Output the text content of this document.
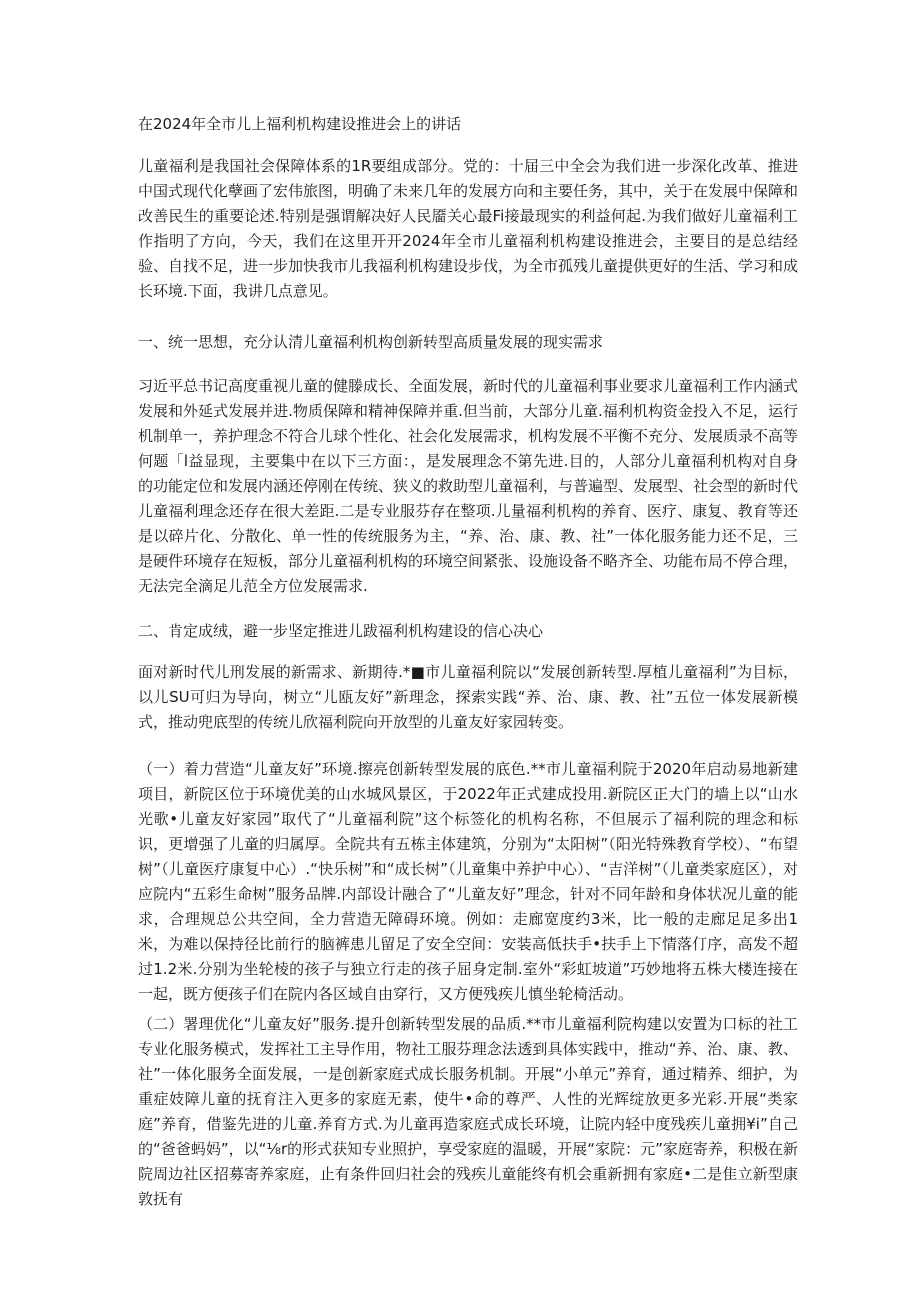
在2024年全市儿上福利机构建设推进会上的讲话

儿童福利是我国社会保障体系的1R要组成部分。党的：十届三中全会为我们进一步深化改革、推进中国式现代化孽画了宏伟旅图，明确了未来几年的发展方向和主要任务，其中，关于在发展中保障和改善民生的重要论述.特别是强谓解决好人民靥关心最Fi接最现实的利益何起.为我们做好儿童福利工作指明了方向，今天，我们在这里开开2024年全市儿童福利机构建设推进会，主要目的是总结经验、自找不足，进一步加快我市儿我福利机构建设步伐，为全市孤残儿童提供更好的生活、学习和成长环境.下面，我讲几点意见。

一、统一思想，充分认清儿童福利机构创新转型高质量发展的现实需求

习近平总书记高度重视儿童的健滕成长、全面发展，新时代的儿童福利事业要求儿童福利工作内涵式发展和外延式发展并进.物质保障和精神保障并重.但当前，大部分儿童.福利机构资金投入不足，运行机制单一，养护理念不符合儿球个性化、社会化发展需求，机构发展不平衡不充分、发展质录不高等何题「l益显现，主要集中在以下三方面：，是发展理念不第先进.目的，人部分儿童福利机构对自身的功能定位和发展内涵还停刚在传统、狭义的救助型儿童福利，与普遍型、发展型、社会型的新时代儿童福利理念还存在很大差距.二是专业服芬存在整项.儿量福利机构的养育、医疗、康复、教育等还是以碎片化、分散化、单一性的传统服务为主，“养、治、康、教、社”一体化服务能力还不足，三是硬件环境存在短板，部分儿童福利机构的环境空间紧张、设施设备不略齐全、功能布局不停合理，无法完全滴足儿范全方位发展需求.

二、肯定成绒，避一步坚定推进儿跋福利机构建设的信心决心

面对新时代儿刑发展的新需求、新期待.*■市儿童福利院以“发展创新转型.厚植儿童福利”为目标，以儿SU可归为导向，树立“儿瓯友好”新理念，探索实践“养、治、康、教、社”五位一体发展新模式，推动兜底型的传统儿欣福利院向开放型的儿童友好家园转变。

（一）着力营造“儿童友好”环境.擦亮创新转型发展的底色.**市儿童福利院于2020年启动易地新建项目，新院区位于环境优美的山水城风景区，于2022年正式建成投用.新院区正大门的墙上以“山水光歌•儿童友好家园”取代了“儿童福利院”这个标签化的机构名称，不但展示了福利院的理念和标识，更增强了儿童的归属厚。全院共有五栋主体建筑，分别为“太阳树”（阳光特殊教育学校）、“布望树”（儿童医疗康复中心）.“快乐树”和“成长树”（儿童集中养护中心）、“吉洋树”（儿童类家庭区），对应院内“五彩生命树”服务品牌.内部设计融合了“儿童友好”理念，针对不同年龄和身体状况儿童的能求，合理规总公共空间，全力营造无障碍环境。例如：走廊宽度约3米，比一般的走廊足足多出1米，为难以保持径比前行的脑裤患儿留足了安全空间：安装高低扶手•扶手上下情落仃序，高发不超过1.2米.分别为坐轮棱的孩子与独立行走的孩子屈身定制.室外“彩虹坡道”巧妙地将五株大楼连接在一起，既方便孩子们在院内各区域自由穿行，又方便残疾儿慎坐轮椅活动。

（二）署理优化“儿童友好”服务.提升创新转型发展的品质.**市儿童福利院构建以安置为口标的社工专业化服务模式，发挥社工主导作用，物社工服芬理念法透到具体实践中，推动“养、治、康、教、社”一体化服务全面发展，一是创新家庭式成长服务机制。开展“小单元”养育，通过精养、细护，为重症妓障儿童的抚育注入更多的家庭无素，使牛•命的尊严、人性的光辉绽放更多光彩.开展“类家庭”养育，借鉴先进的儿童.养育方式.为儿童再造家庭式成长环境，让院内轻中度残疾儿童拥¥i”自己的“爸爸蚂妈”，以“⅛r的形式获知专业照护，享受家庭的温暖，开展“家院：元”家庭寄养，积极在新院周边社区招募寄养家庭，止有条件回归社会的残疾儿童能终有机会重新拥有家庭•二是隹立新型康敦抚有
